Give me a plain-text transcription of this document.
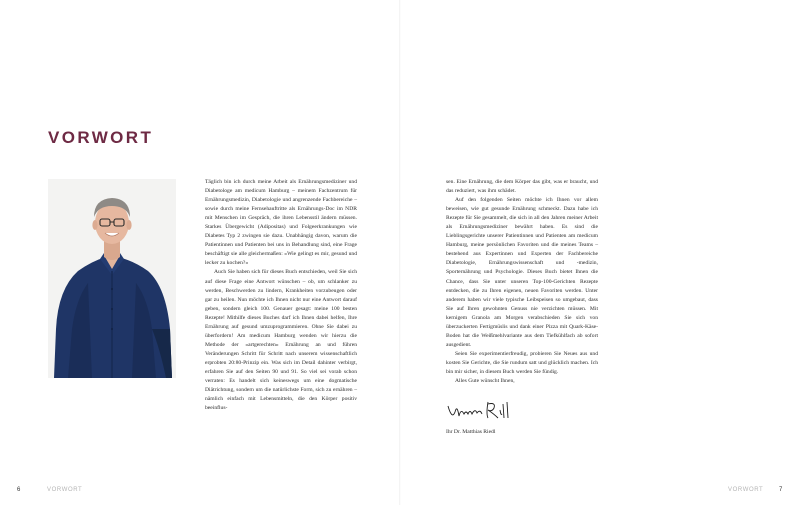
VORWORT

Täglich bin ich durch meine Arbeit als Ernährungsmediziner und Diabetologe am medicum Hamburg – meinem Fachzentrum für Ernährungsmedizin, Diabetologie und angrenzende Fachbereiche – sowie durch meine Fernsehauftritte als Ernährungs-Doc im NDR mit Menschen im Gespräch, die ihren Lebensstil ändern müssen. Starkes Übergewicht (Adipositas) und Folgeerkrankungen wie Diabetes Typ 2 zwingen sie dazu. Unabhängig davon, warum die Patientinnen und Patienten bei uns in Behandlung sind, eine Frage beschäftigt sie alle gleichermaßen: »Wie gelingt es mir, gesund und lecker zu kochen?«

Auch Sie haben sich für dieses Buch entschieden, weil Sie sich auf diese Frage eine Antwort wünschen – ob, um schlanker zu werden, Beschwerden zu lindern, Krankheiten vorzubeugen oder gar zu heilen. Nun möchte ich Ihnen nicht nur eine Antwort darauf geben, sondern gleich 100. Genauer gesagt: meine 100 besten Rezepte! Mithilfe dieses Buches darf ich Ihnen dabei helfen, Ihre Ernährung auf gesund umzuprogrammieren. Ohne Sie dabei zu überfordern! Am medicum Hamburg wenden wir hierzu die Methode der »artgerechten« Ernährung an und führen Veränderungen Schritt für Schritt nach unserem wissenschaftlich erprobten 20:80-Prinzip ein. Was sich im Detail dahinter verbirgt, erfahren Sie auf den Seiten 90 und 91. So viel sei vorab schon verraten: Es handelt sich keineswegs um eine dogmatische Diätrichtung, sondern um die natürlichste Form, sich zu ernähren – nämlich einfach mit Lebensmitteln, die den Körper positiv beeinflus-

sen. Eine Ernährung, die dem Körper das gibt, was er braucht, und das reduziert, was ihm schädet.

Auf den folgenden Seiten möchte ich Ihnen vor allem beweisen, wie gut gesunde Ernährung schmeckt. Dazu habe ich Rezepte für Sie gesammelt, die sich in all den Jahren meiner Arbeit als Ernährungsmediziner bewährt haben. Es sind die Lieblingsgerichte unserer Patientinnen und Patienten am medicum Hamburg, meine persönlichen Favoriten und die meines Teams – bestehend aus Expertinnen und Experten der Fachbereiche Diabetologie, Ernährungswissenschaft und -medizin, Sporternährung und Psychologie. Dieses Buch bietet Ihnen die Chance, dass Sie unter unseren Top-100-Gerichten Rezepte entdecken, die zu Ihren eigenen, neuen Favoriten werden. Unter anderem haben wir viele typische Leibspeisen so umgebaut, dass Sie auf Ihren gewohnten Genuss nie verzichten müssen. Mit kernigem Granola am Morgen verabschieden Sie sich von überzuckerten Fertigmüslis und dank einer Pizza mit Quark-Käse-Boden hat die Weißmehlvariante aus dem Tiefkühlfach ab sofort ausgedient.

Seien Sie experimentierfreudig, probieren Sie Neues aus und kosten Sie Gerichte, die Sie rundum satt und glücklich machen. Ich bin mir sicher, in diesem Buch werden Sie fündig.

Alles Gute wünscht Ihnen,

Ihr Dr. Matthias Riedl

6	VORWORT	VORWORT	7
